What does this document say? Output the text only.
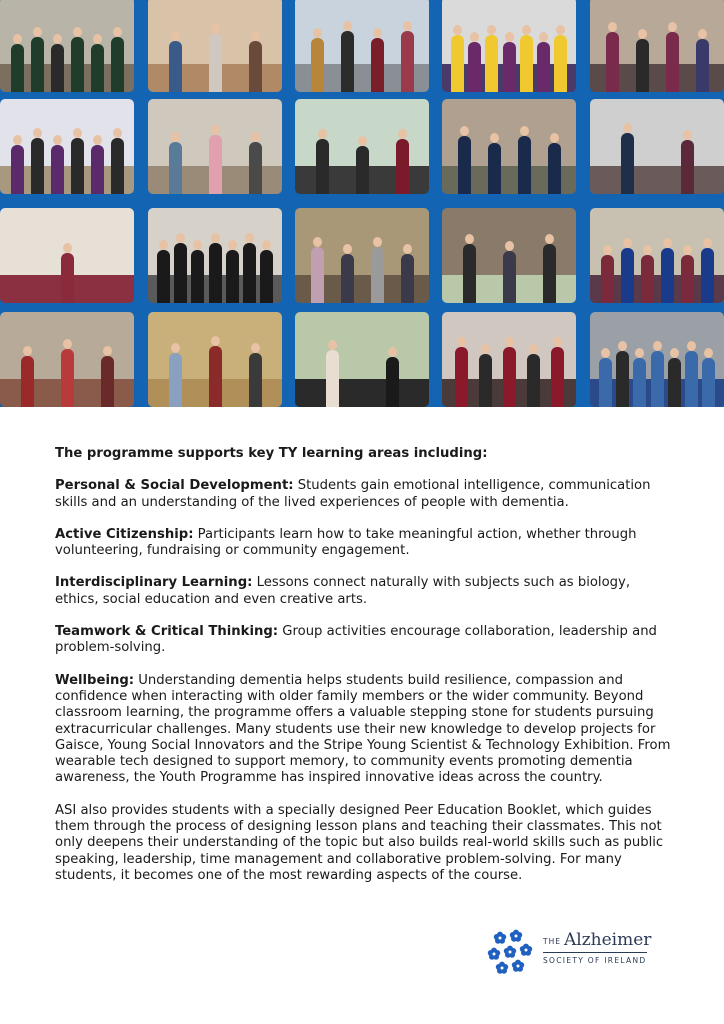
The programme supports key TY learning areas including:

Personal & Social Development: Students gain emotional intelligence, communication skills and an understanding of the lived experiences of people with dementia.

Active Citizenship: Participants learn how to take meaningful action, whether through volunteering, fundraising or community engagement.

Interdisciplinary Learning: Lessons connect naturally with subjects such as biology, ethics, social education and even creative arts.

Teamwork & Critical Thinking: Group activities encourage collaboration, leadership and problem-solving.

Wellbeing: Understanding dementia helps students build resilience, compassion and confidence when interacting with older family members or the wider community. Beyond classroom learning, the programme offers a valuable stepping stone for students pursuing extracurricular challenges. Many students use their new knowledge to develop projects for Gaisce, Young Social Innovators and the Stripe Young Scientist & Technology Exhibition. From wearable tech designed to support memory, to community events promoting dementia awareness, the Youth Programme has inspired innovative ideas across the country.

ASI also provides students with a specially designed Peer Education Booklet, which guides them through the process of designing lesson plans and teaching their classmates. This not only deepens their understanding of the topic but also builds real-world skills such as public speaking, leadership, time management and collaborative problem-solving. For many students, it becomes one of the most rewarding aspects of the course.

THE Alzheimer
SOCIETY OF IRELAND
